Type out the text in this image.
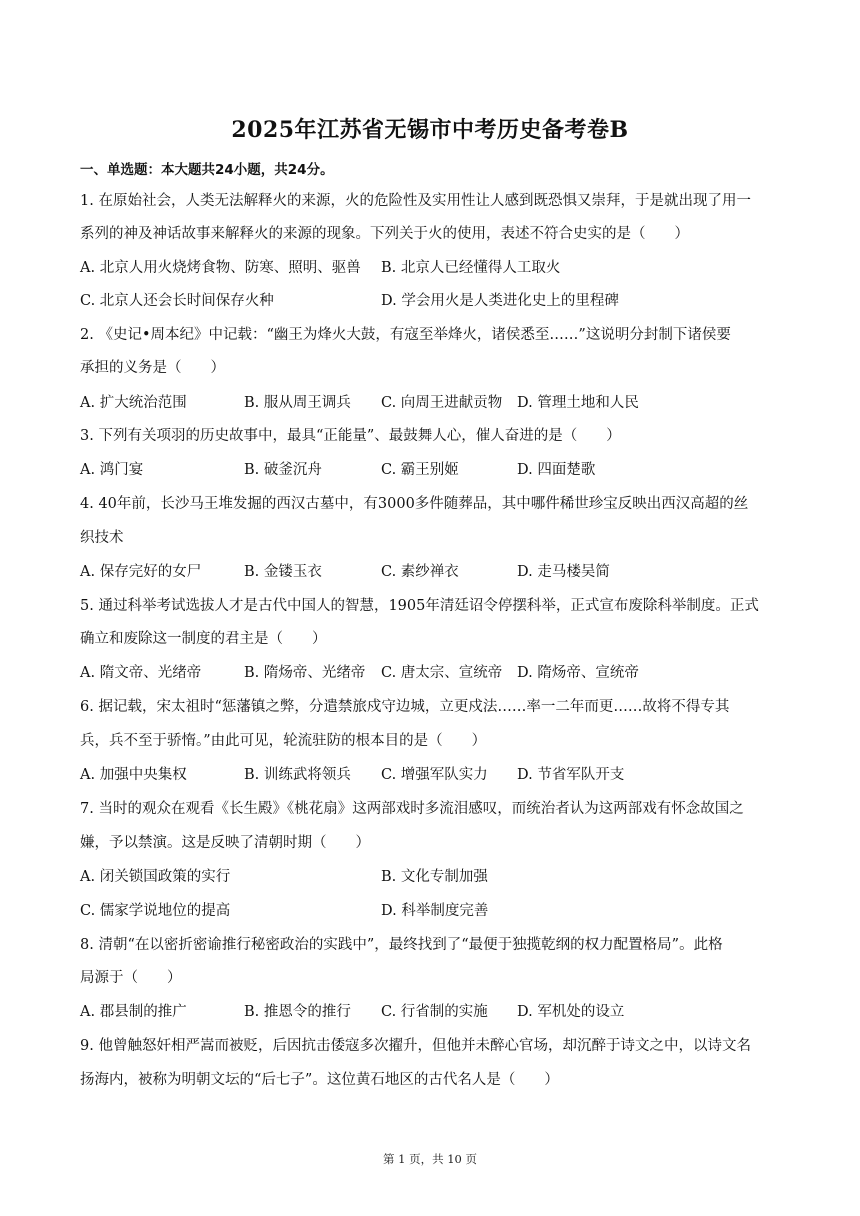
2025年江苏省无锡市中考历史备考卷B
一、单选题：本大题共24小题，共24分。
1. 在原始社会，人类无法解释火的来源，火的危险性及实用性让人感到既恐惧又崇拜，于是就出现了用一
系列的神及神话故事来解释火的来源的现象。下列关于火的使用，表述不符合史实的是（　　）
A. 北京人用火烧烤食物、防寒、照明、驱兽 B. 北京人已经懂得人工取火
C. 北京人还会长时间保存火种	D. 学会用火是人类进化史上的里程碑
2. 《史记•周本纪》中记载：“幽王为烽火大鼓，有寇至举烽火，诸侯悉至……”这说明分封制下诸侯要
承担的义务是（　　）
A. 扩大统治范围	B. 服从周王调兵 C. 向周王进献贡物 D. 管理土地和人民
3. 下列有关项羽的历史故事中，最具“正能量”、最鼓舞人心，催人奋进的是（　　）
A. 鸿门宴	B. 破釜沉舟	C. 霸王别姬	D. 四面楚歌
4. 40年前，长沙马王堆发掘的西汉古墓中，有3000多件随葬品，其中哪件稀世珍宝反映出西汉高超的丝
织技术
A. 保存完好的女尸	B. 金镂玉衣	C. 素纱禅衣	D. 走马楼吴简
5. 通过科举考试选拔人才是古代中国人的智慧，1905年清廷诏令停摆科举，正式宣布废除科举制度。正式
确立和废除这一制度的君主是（　　）
A. 隋文帝、光绪帝	B. 隋炀帝、光绪帝 C. 唐太宗、宣统帝 D. 隋炀帝、宣统帝
6. 据记载，宋太祖时“惩藩镇之弊，分遣禁旅戍守边城，立更戍法……率一二年而更……故将不得专其
兵，兵不至于骄惰。”由此可见，轮流驻防的根本目的是（　　）
A. 加强中央集权	B. 训练武将领兵 C. 增强军队实力 D. 节省军队开支
7. 当时的观众在观看《长生殿》《桃花扇》这两部戏时多流泪感叹，而统治者认为这两部戏有怀念故国之
嫌，予以禁演。这是反映了清朝时期（　　）
A. 闭关锁国政策的实行	B. 文化专制加强
C. 儒家学说地位的提高	D. 科举制度完善
8. 清朝“在以密折密谕推行秘密政治的实践中”，最终找到了“最便于独揽乾纲的权力配置格局”。此格
局源于（　　）
A. 郡县制的推广	B. 推恩令的推行 C. 行省制的实施 D. 军机处的设立
9. 他曾触怒奸相严嵩而被贬，后因抗击倭寇多次擢升，但他并未醉心官场，却沉醉于诗文之中，以诗文名
扬海内，被称为明朝文坛的“后七子”。这位黄石地区的古代名人是（　　）
第 1 页，共 10 页
